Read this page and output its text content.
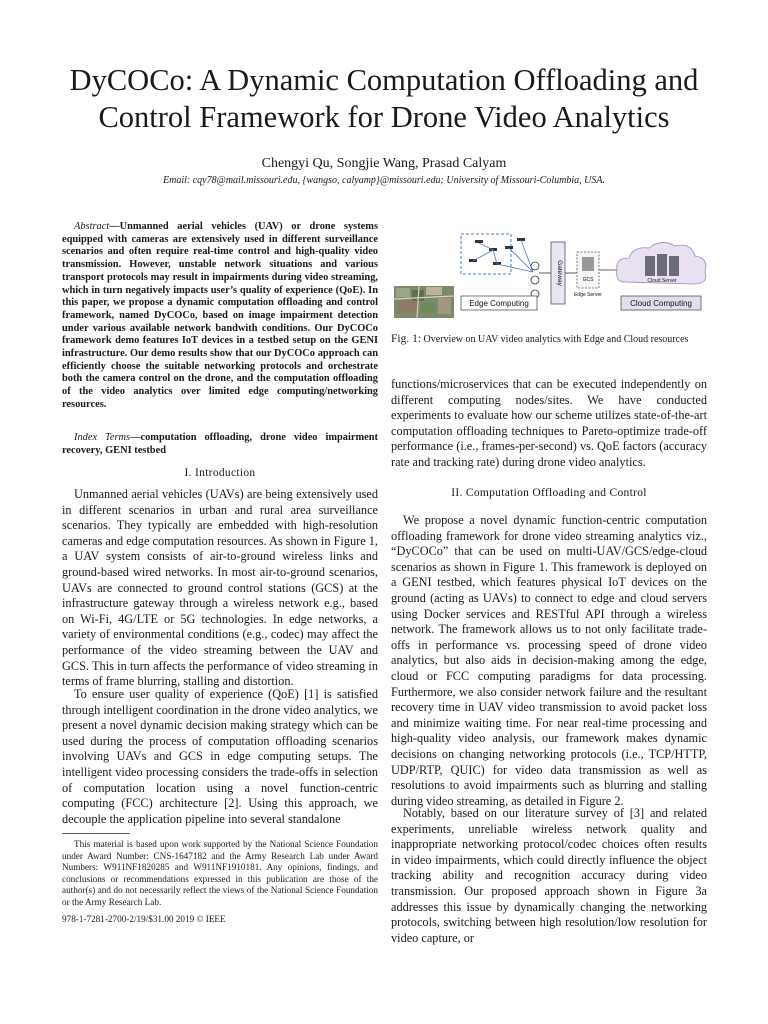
DyCOCo: A Dynamic Computation Offloading and
Control Framework for Drone Video Analytics
Chengyi Qu, Songjie Wang, Prasad Calyam
Email: cqy78@mail.missouri.edu, {wangso, calyamp}@missouri.edu; University of Missouri-Columbia, USA.

Abstract—Unmanned aerial vehicles (UAV) or drone systems equipped with cameras are extensively used in different surveillance scenarios and often require real-time control and high-quality video transmission. However, unstable network situations and various transport protocols may result in impairments during video streaming, which in turn negatively impacts user’s quality of experience (QoE). In this paper, we propose a dynamic computation offloading and control framework, named DyCOCo, based on image impairment detection under various available network bandwith conditions. Our DyCOCo framework demo features IoT devices in a testbed setup on the GENI infrastructure. Our demo results show that our DyCOCo approach can efficiently choose the suitable networking protocols and orchestrate both the camera control on the drone, and the computation offloading of the video analytics over limited edge computing/networking resources.

Index Terms—computation offloading, drone video impairment recovery, GENI testbed

I. Introduction

Unmanned aerial vehicles (UAVs) are being extensively used in different scenarios in urban and rural area surveillance scenarios. They typically are embedded with high-resolution cameras and edge computation resources. As shown in Figure 1, a UAV system consists of air-to-ground wireless links and ground-based wired networks. In most air-to-ground scenarios, UAVs are connected to ground control stations (GCS) at the infrastructure gateway through a wireless network e.g., based on Wi-Fi, 4G/LTE or 5G technologies. In edge networks, a variety of environmental conditions (e.g., codec) may affect the performance of the video streaming between the UAV and GCS. This in turn affects the performance of video streaming in terms of frame blurring, stalling and distortion.

To ensure user quality of experience (QoE) [1] is satisfied through intelligent coordination in the drone video analytics, we present a novel dynamic decision making strategy which can be used during the process of computation offloading scenarios involving UAVs and GCS in edge computing setups. The intelligent video processing considers the trade-offs in selection of computation location using a novel function-centric computing (FCC) architecture [2]. Using this approach, we decouple the application pipeline into several standalone

This material is based upon work supported by the National Science Foundation under Award Number: CNS-1647182 and the Army Research Lab under Award Numbers: W911NF1820285 and W911NF1910181. Any opinions, findings, and conclusions or recommendations expressed in this publication are those of the author(s) and do not necessarily reflect the views of the National Science Foundation or the Army Research Lab.

978-1-7281-2700-2/19/$31.00 2019 © IEEE
Edge Computing
Gateway	GCS
Edge Server
Cloud Server
Cloud Computing
Fig. 1: Overview on UAV video analytics with Edge and Cloud resources

functions/microservices that can be executed independently on different computing nodes/sites. We have conducted experiments to evaluate how our scheme utilizes state-of-the-art computation offloading techniques to Pareto-optimize trade-off performance (i.e., frames-per-second) vs. QoE factors (accuracy rate and tracking rate) during drone video analytics.

II. Computation Offloading and Control

We propose a novel dynamic function-centric computation offloading framework for drone video streaming analytics viz., “DyCOCo” that can be used on multi-UAV/GCS/edge-cloud scenarios as shown in Figure 1. This framework is deployed on a GENI testbed, which features physical IoT devices on the ground (acting as UAVs) to connect to edge and cloud servers using Docker services and RESTful API through a wireless network. The framework allows us to not only facilitate trade-offs in performance vs. processing speed of drone video analytics, but also aids in decision-making among the edge, cloud or FCC computing paradigms for data processing. Furthermore, we also consider network failure and the resultant recovery time in UAV video transmission to avoid packet loss and minimize waiting time. For near real-time processing and high-quality video analysis, our framework makes dynamic decisions on changing networking protocols (i.e., TCP/HTTP, UDP/RTP, QUIC) for video data transmission as well as resolutions to avoid impairments such as blurring and stalling during video streaming, as detailed in Figure 2.

Notably, based on our literature survey of [3] and related experiments, unreliable wireless network quality and inappropriate networking protocol/codec choices often results in video impairments, which could directly influence the object tracking ability and recognition accuracy during video transmission. Our proposed approach shown in Figure 3a addresses this issue by dynamically changing the networking protocols, switching between high resolution/low resolution for video capture, or
